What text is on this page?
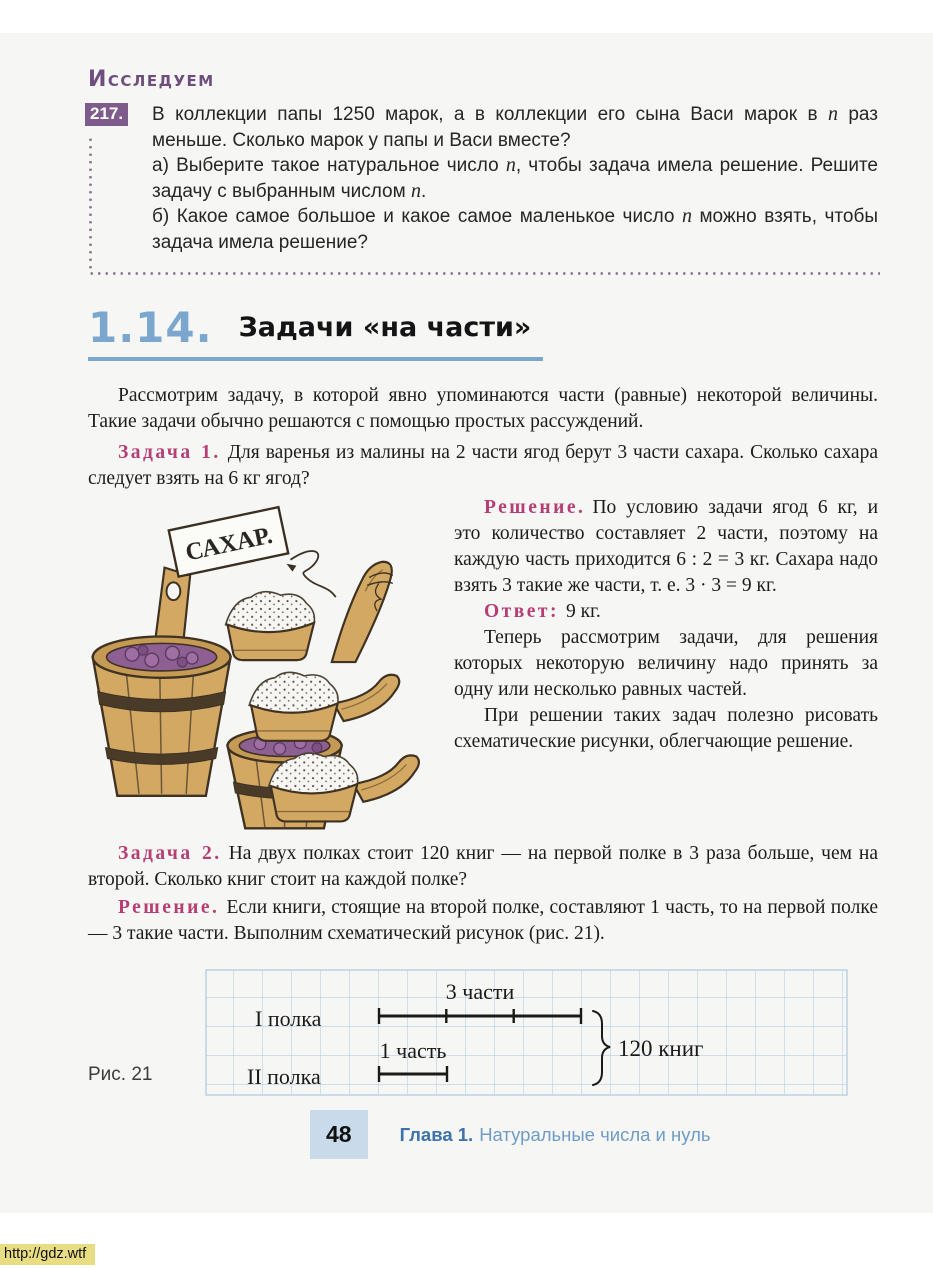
Исследуем
217. В коллекции папы 1250 марок, а в коллекции его сына Васи марок в n раз меньше. Сколько марок у папы и Васи вместе?

а) Выберите такое натуральное число n, чтобы задача имела решение. Решите задачу с выбранным числом n.

б) Какое самое большое и какое самое маленькое число n можно взять, чтобы задача имела решение?

1.14. Задачи «на части»

Рассмотрим задачу, в которой явно упоминаются части (равные) некоторой величины. Такие задачи обычно решаются с помощью простых рассуждений.

Задача 1. Для варенья из малины на 2 части ягод берут 3 части сахара. Сколько сахара следует взять на 6 кг ягод?

САХАР.

Решение. По условию задачи ягод 6 кг, и это количество составляет 2 части, поэтому на каждую часть приходится 6 : 2 = 3 кг. Сахара надо взять 3 такие же части, т. е. 3 · 3 = 9 кг.

Ответ: 9 кг.

Теперь рассмотрим задачи, для решения которых некоторую величину надо принять за одну или несколько равных частей.

При решении таких задач полезно рисовать схематические рисунки, облегчающие решение.

Задача 2. На двух полках стоит 120 книг — на первой полке в 3 раза больше, чем на второй. Сколько книг стоит на каждой полке?

Решение. Если книги, стоящие на второй полке, составляют 1 часть, то на первой полке — 3 такие части. Выполним схематический рисунок (рис. 21).

Рис. 21
I полка
II полка
3 части
1 часть	120 книг
48	Глава 1. Натуральные числа и нуль
http://gdz.wtf
